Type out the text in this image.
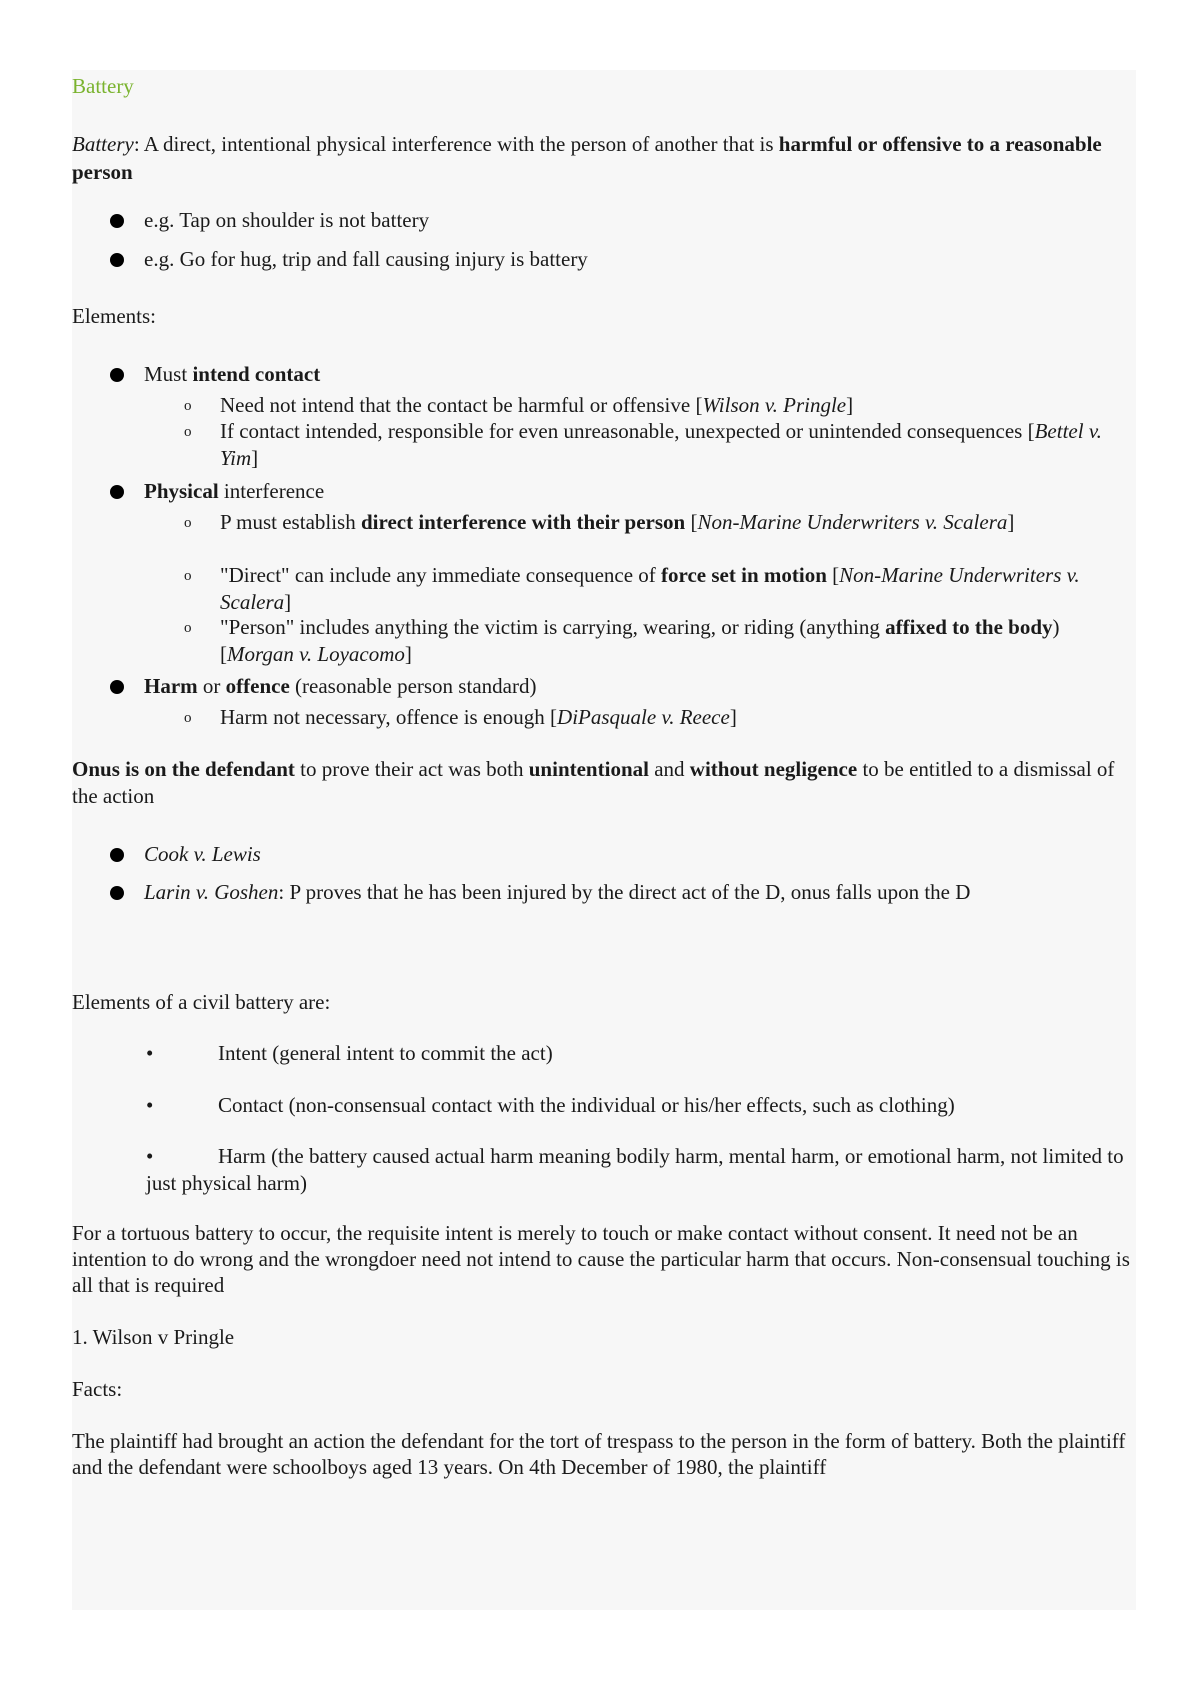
Battery
Battery: A direct, intentional physical interference with the person of another that is harmful or offensive to a reasonable person
e.g. Tap on shoulder is not battery
e.g. Go for hug, trip and fall causing injury is battery
Elements:
Must intend contact
o	Need not intend that the contact be harmful or offensive [Wilson v. Pringle]
o	If contact intended, responsible for even unreasonable, unexpected or unintended consequences [Bettel v. Yim]
Physical interference
o	P must establish direct interference with their person [Non-Marine Underwriters v. Scalera]
o	"Direct" can include any immediate consequence of force set in motion [Non-Marine Underwriters v. Scalera]
o	"Person" includes anything the victim is carrying, wearing, or riding (anything affixed to the body) [Morgan v. Loyacomo]
Harm or offence (reasonable person standard)
o	Harm not necessary, offence is enough [DiPasquale v. Reece]
Onus is on the defendant to prove their act was both unintentional and without negligence to be entitled to a dismissal of the action
Cook v. Lewis
Larin v. Goshen: P proves that he has been injured by the direct act of the D, onus falls upon the D
Elements of a civil battery are:
•	Intent (general intent to commit the act)
•	Contact (non-consensual contact with the individual or his/her effects, such as clothing)
•	Harm (the battery caused actual harm meaning bodily harm, mental harm, or emotional harm, not limited to just physical harm)
For a tortuous battery to occur, the requisite intent is merely to touch or make contact without consent. It need not be an intention to do wrong and the wrongdoer need not intend to cause the particular harm that occurs. Non-consensual touching is all that is required
1. Wilson v Pringle
Facts:
The plaintiff had brought an action the defendant for the tort of trespass to the person in the form of battery. Both the plaintiff and the defendant were schoolboys aged 13 years. On 4th December of 1980, the plaintiff
